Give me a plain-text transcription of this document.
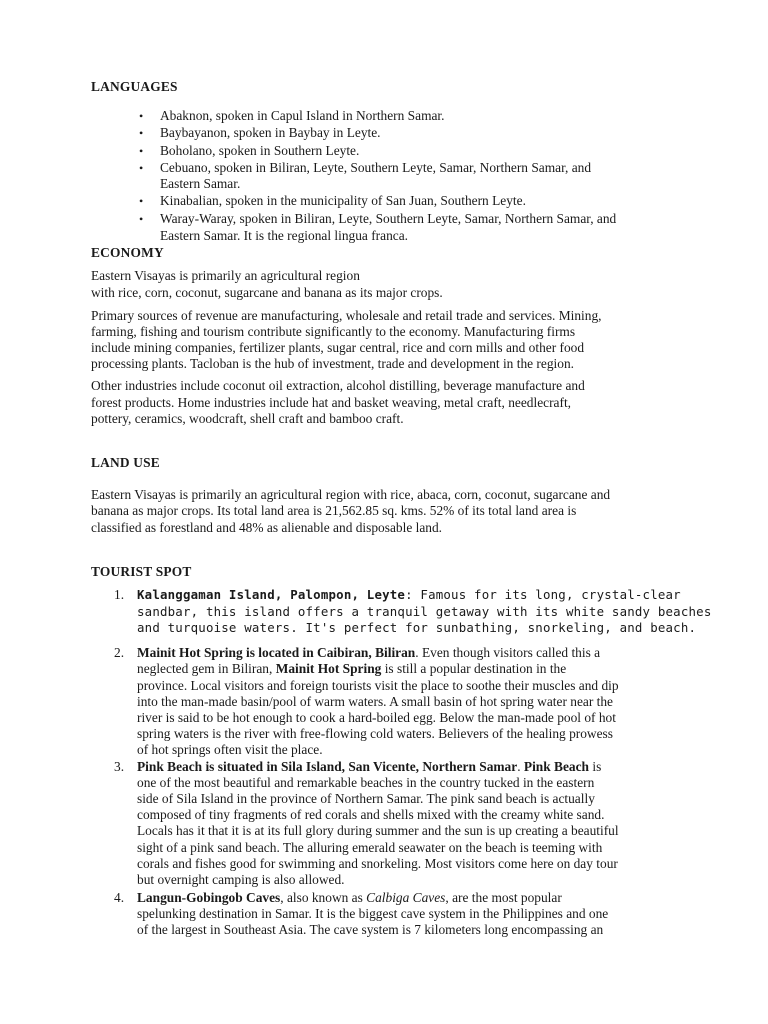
LANGUAGES
• Abaknon, spoken in Capul Island in Northern Samar.
• Baybayanon, spoken in Baybay in Leyte.
• Boholano, spoken in Southern Leyte.
• Cebuano, spoken in Biliran, Leyte, Southern Leyte, Samar, Northern Samar, and
Eastern Samar.
• Kinabalian, spoken in the municipality of San Juan, Southern Leyte.
• Waray-Waray, spoken in Biliran, Leyte, Southern Leyte, Samar, Northern Samar, and
Eastern Samar. It is the regional lingua franca.
ECONOMY
Eastern Visayas is primarily an agricultural region
with rice, corn, coconut, sugarcane and banana as its major crops.
Primary sources of revenue are manufacturing, wholesale and retail trade and services. Mining,
farming, fishing and tourism contribute significantly to the economy. Manufacturing firms
include mining companies, fertilizer plants, sugar central, rice and corn mills and other food
processing plants. Tacloban is the hub of investment, trade and development in the region.
Other industries include coconut oil extraction, alcohol distilling, beverage manufacture and
forest products. Home industries include hat and basket weaving, metal craft, needlecraft,
pottery, ceramics, woodcraft, shell craft and bamboo craft.
LAND USE
Eastern Visayas is primarily an agricultural region with rice, abaca, corn, coconut, sugarcane and
banana as major crops. Its total land area is 21,562.85 sq. kms. 52% of its total land area is
classified as forestland and 48% as alienable and disposable land.
TOURIST SPOT
1. Kalanggaman Island, Palompon, Leyte: Famous for its long, crystal-clear
sandbar, this island offers a tranquil getaway with its white sandy beaches
and turquoise waters. It's perfect for sunbathing, snorkeling, and beach.
2. Mainit Hot Spring is located in Caibiran, Biliran. Even though visitors called this a
neglected gem in Biliran, Mainit Hot Spring is still a popular destination in the
province. Local visitors and foreign tourists visit the place to soothe their muscles and dip
into the man-made basin/pool of warm waters. A small basin of hot spring water near the
river is said to be hot enough to cook a hard-boiled egg. Below the man-made pool of hot
spring waters is the river with free-flowing cold waters. Believers of the healing prowess
of hot springs often visit the place.
3. Pink Beach is situated in Sila Island, San Vicente, Northern Samar. Pink Beach is
one of the most beautiful and remarkable beaches in the country tucked in the eastern
side of Sila Island in the province of Northern Samar. The pink sand beach is actually
composed of tiny fragments of red corals and shells mixed with the creamy white sand.
Locals has it that it is at its full glory during summer and the sun is up creating a beautiful
sight of a pink sand beach. The alluring emerald seawater on the beach is teeming with
corals and fishes good for swimming and snorkeling. Most visitors come here on day tour
but overnight camping is also allowed.
4. Langun-Gobingob Caves, also known as Calbiga Caves, are the most popular
spelunking destination in Samar. It is the biggest cave system in the Philippines and one
of the largest in Southeast Asia. The cave system is 7 kilometers long encompassing an
